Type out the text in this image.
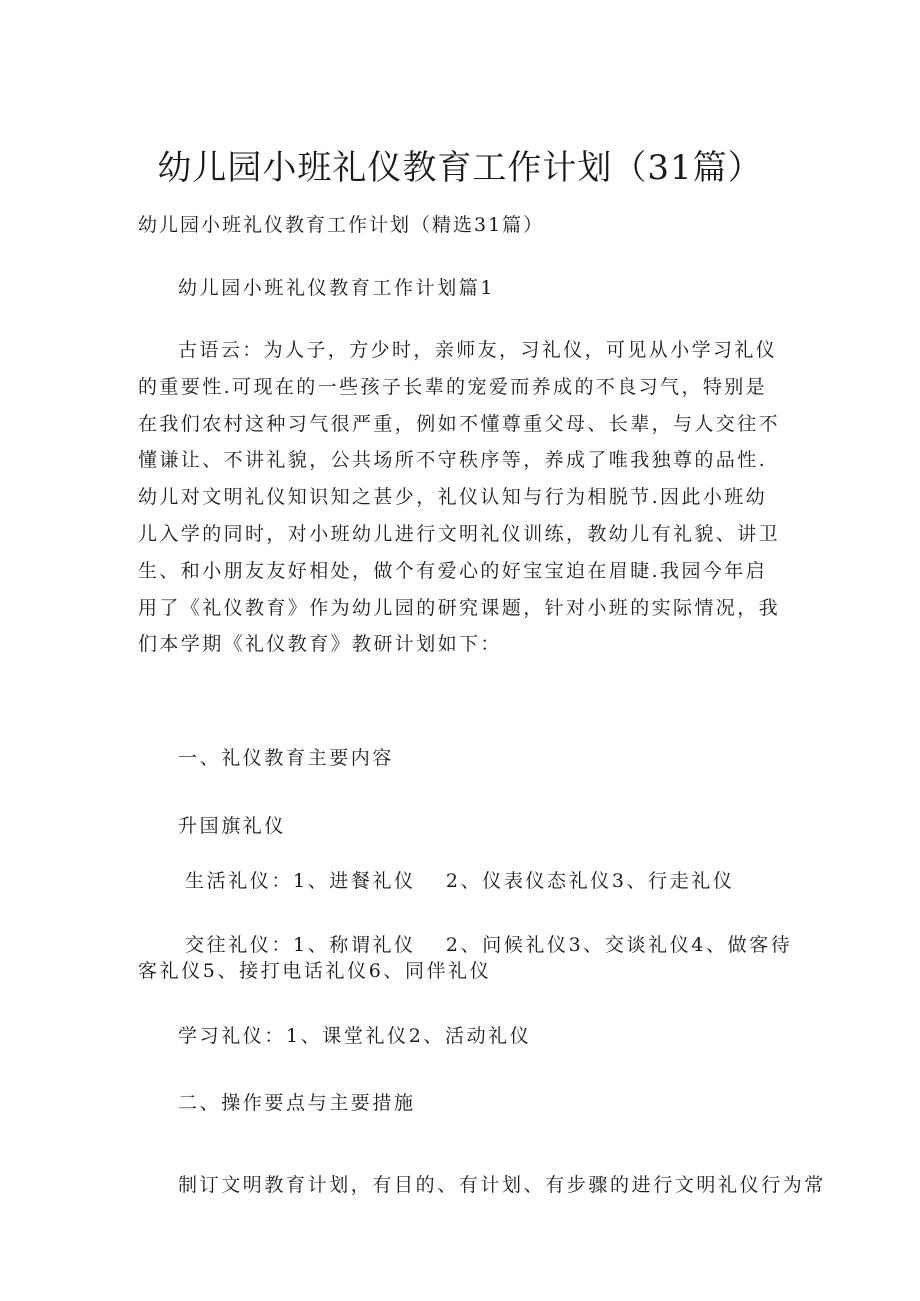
幼儿园小班礼仪教育工作计划（31篇）
幼儿园小班礼仪教育工作计划（精选31篇）
幼儿园小班礼仪教育工作计划篇1

古语云：为人子，方少时，亲师友，习礼仪，可见从小学习礼仪的重要性.可现在的一些孩子长辈的宠爱而养成的不良习气，特别是在我们农村这种习气很严重，例如不懂尊重父母、长辈，与人交往不懂谦让、不讲礼貌，公共场所不守秩序等，养成了唯我独尊的品性.幼儿对文明礼仪知识知之甚少，礼仪认知与行为相脱节.因此小班幼儿入学的同时，对小班幼儿进行文明礼仪训练，教幼儿有礼貌、讲卫生、和小朋友友好相处，做个有爱心的好宝宝迫在眉睫.我园今年启用了《礼仪教育》作为幼儿园的研究课题，针对小班的实际情况，我们本学期《礼仪教育》教研计划如下：

一、礼仪教育主要内容
升国旗礼仪
生活礼仪：1、进餐礼仪　 2、仪表仪态礼仪3、行走礼仪
交往礼仪：1、称谓礼仪　 2、问候礼仪3、交谈礼仪4、做客待
客礼仪5、接打电话礼仪6、同伴礼仪
学习礼仪：1、课堂礼仪2、活动礼仪
二、操作要点与主要措施
制订文明教育计划，有目的、有计划、有步骤的进行文明礼仪行为常
